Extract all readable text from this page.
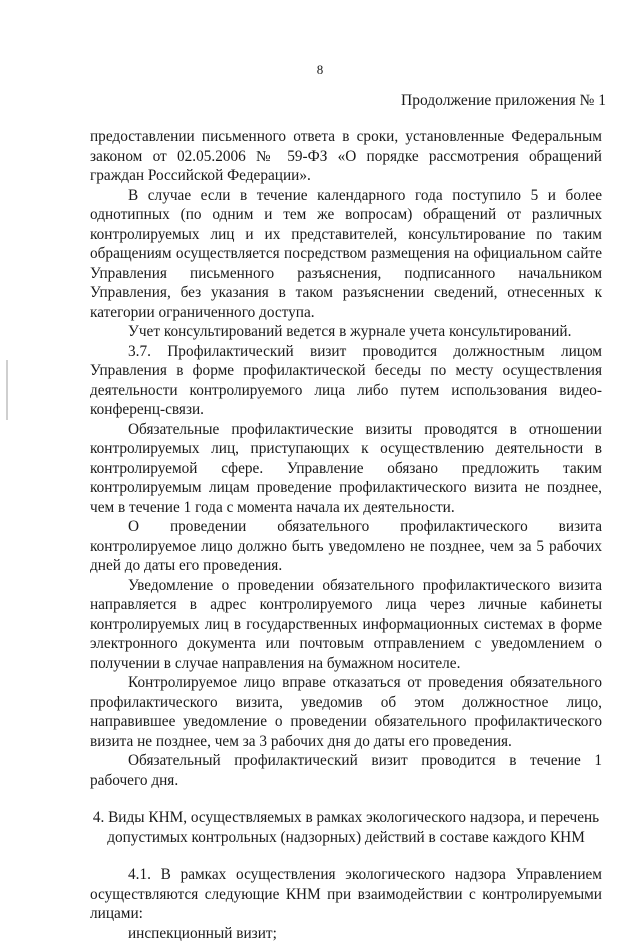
8
Продолжение приложения № 1

предоставлении письменного ответа в сроки, установленные Федеральным законом от 02.05.2006 № 59-ФЗ «О порядке рассмотрения обращений граждан Российской Федерации».

В случае если в течение календарного года поступило 5 и более однотипных (по одним и тем же вопросам) обращений от различных контролируемых лиц и их представителей, консультирование по таким обращениям осуществляется посредством размещения на официальном сайте Управления письменного разъяснения, подписанного начальником Управления, без указания в таком разъяснении сведений, отнесенных к категории ограниченного доступа.

Учет консультирований ведется в журнале учета консультирований.

3.7. Профилактический визит проводится должностным лицом Управления в форме профилактической беседы по месту осуществления деятельности контролируемого лица либо путем использования видео-конференц-связи.

Обязательные профилактические визиты проводятся в отношении контролируемых лиц, приступающих к осуществлению деятельности в контролируемой сфере. Управление обязано предложить таким контролируемым лицам проведение профилактического визита не позднее, чем в течение 1 года с момента начала их деятельности.

О проведении обязательного профилактического визита контролируемое лицо должно быть уведомлено не позднее, чем за 5 рабочих дней до даты его проведения.

Уведомление о проведении обязательного профилактического визита направляется в адрес контролируемого лица через личные кабинеты контролируемых лиц в государственных информационных системах в форме электронного документа или почтовым отправлением с уведомлением о получении в случае направления на бумажном носителе.

Контролируемое лицо вправе отказаться от проведения обязательного профилактического визита, уведомив об этом должностное лицо, направившее уведомление о проведении обязательного профилактического визита не позднее, чем за 3 рабочих дня до даты его проведения.

Обязательный профилактический визит проводится в течение 1 рабочего дня.

4. Виды КНМ, осуществляемых в рамках экологического надзора, и перечень допустимых контрольных (надзорных) действий в составе каждого КНМ

4.1. В рамках осуществления экологического надзора Управлением осуществляются следующие КНМ при взаимодействии с контролируемыми лицами:

инспекционный визит;
